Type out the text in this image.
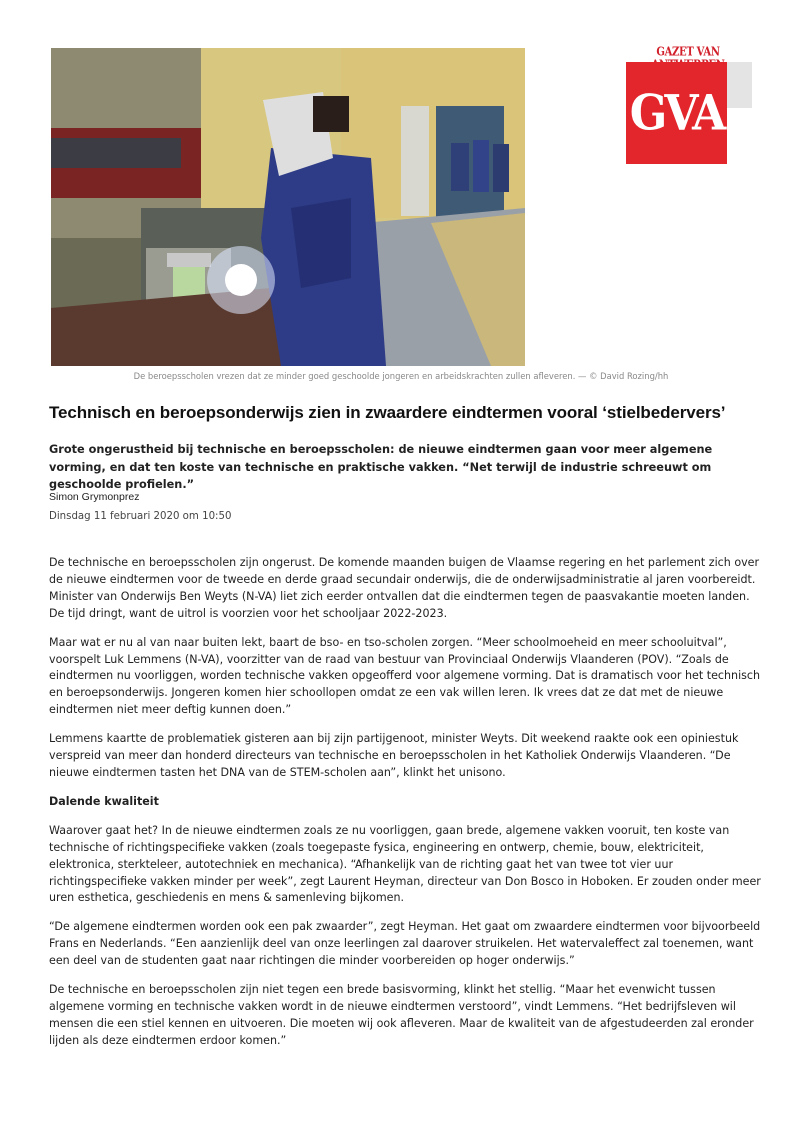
GAZET VAN
GVA
De beroepsscholen vrezen dat ze minder goed geschoolde jongeren en arbeidskrachten zullen afleveren. — © David Rozing/hh
Technisch en beroepsonderwijs zien in zwaardere eindtermen vooral ‘stielbedervers’

Grote ongerustheid bij technische en beroepsscholen: de nieuwe eindtermen gaan voor meer algemene vorming, en dat ten koste van technische en praktische vakken. “Net terwijl de industrie schreeuwt om geschoolde profielen.”

Simon Grymonprez
Dinsdag 11 februari 2020 om 10:50

De technische en beroepsscholen zijn ongerust. De komende maanden buigen de Vlaamse regering en het parlement zich over de nieuwe eindtermen voor de tweede en derde graad secundair onderwijs, die de onderwijsadministratie al jaren voorbereidt. Minister van Onderwijs Ben Weyts (N-VA) liet zich eerder ontvallen dat die eindtermen tegen de paasvakantie moeten landen. De tijd dringt, want de uitrol is voorzien voor het schooljaar 2022-2023.

Maar wat er nu al van naar buiten lekt, baart de bso- en tso-scholen zorgen. “Meer schoolmoeheid en meer schooluitval”, voorspelt Luk Lemmens (N-VA), voorzitter van de raad van bestuur van Provinciaal Onderwijs Vlaanderen (POV). “Zoals de eindtermen nu voorliggen, worden technische vakken opgeofferd voor algemene vorming. Dat is dramatisch voor het technisch en beroepsonderwijs. Jongeren komen hier schoollopen omdat ze een vak willen leren. Ik vrees dat ze dat met de nieuwe eindtermen niet meer deftig kunnen doen.”

Lemmens kaartte de problematiek gisteren aan bij zijn partijgenoot, minister Weyts. Dit weekend raakte ook een opiniestuk verspreid van meer dan honderd directeurs van technische en beroepsscholen in het Katholiek Onderwijs Vlaanderen. “De nieuwe eindtermen tasten het DNA van de STEM-scholen aan”, klinkt het unisono.

Dalende kwaliteit

Waarover gaat het? In de nieuwe eindtermen zoals ze nu voorliggen, gaan brede, algemene vakken vooruit, ten koste van technische of richtingspecifieke vakken (zoals toegepaste fysica, engineering en ontwerp, chemie, bouw, elektriciteit, elektronica, sterkteleer, autotechniek en mechanica). “Afhankelijk van de richting gaat het van twee tot vier uur richtingspecifieke vakken minder per week”, zegt Laurent Heyman, directeur van Don Bosco in Hoboken. Er zouden onder meer uren esthetica, geschiedenis en mens & samenleving bijkomen.

“De algemene eindtermen worden ook een pak zwaarder”, zegt Heyman. Het gaat om zwaardere eindtermen voor bijvoorbeeld Frans en Nederlands. “Een aanzienlijk deel van onze leerlingen zal daarover struikelen. Het watervaleffect zal toenemen, want een deel van de studenten gaat naar richtingen die minder voorbereiden op hoger onderwijs.”

De technische en beroepsscholen zijn niet tegen een brede basisvorming, klinkt het stellig. “Maar het evenwicht tussen algemene vorming en technische vakken wordt in de nieuwe eindtermen verstoord”, vindt Lemmens. “Het bedrijfsleven wil mensen die een stiel kennen en uitvoeren. Die moeten wij ook afleveren. Maar de kwaliteit van de afgestudeerden zal eronder lijden als deze eindtermen erdoor komen.”
